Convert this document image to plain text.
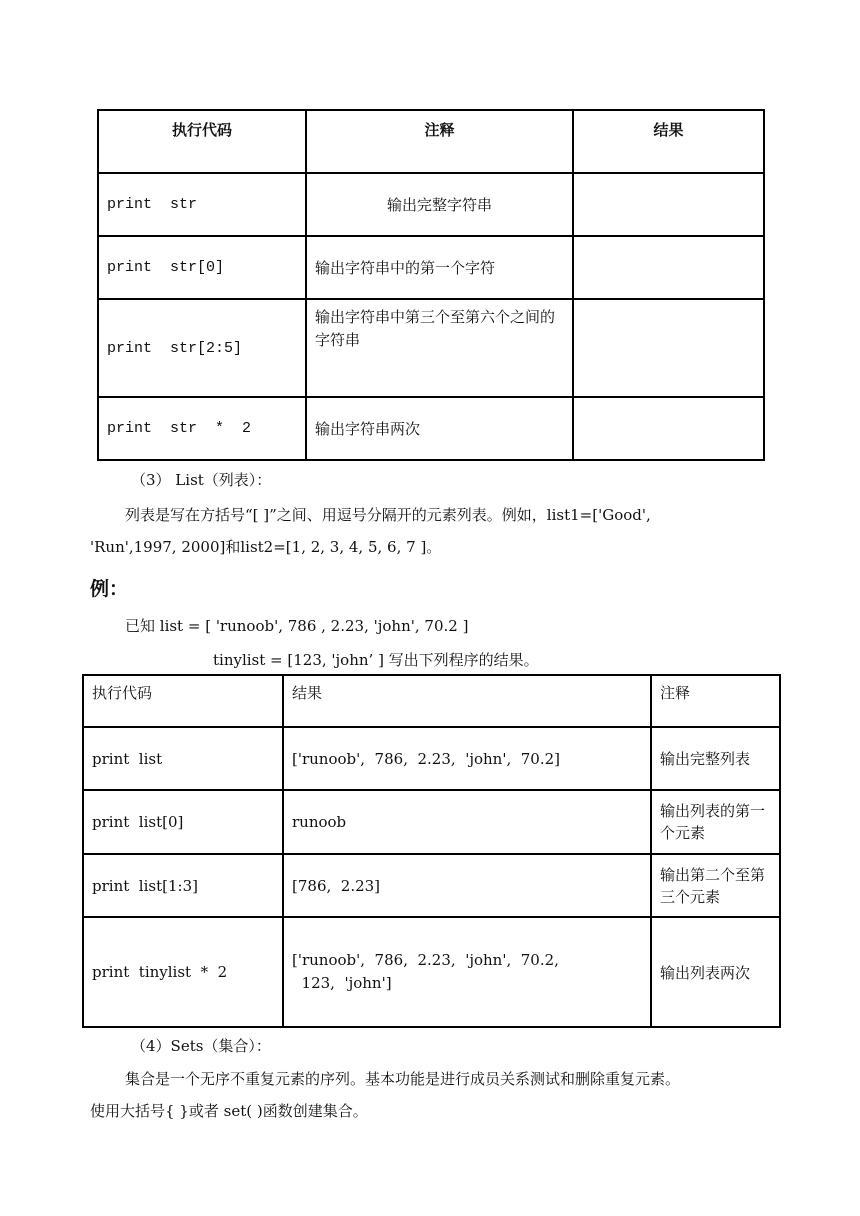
执行代码	注释	结果
print  str	输出完整字符串	
print  str[0]	输出字符串中的第一个字符	
print  str[2:5]	输出字符串中第三个至第六个之间的字符串	
print  str  *  2	输出字符串两次	
（3） List（列表）：
列表是写在方括号“[ ]”之间、用逗号分隔开的元素列表。例如，list1=['Good',
'Run',1997, 2000]和list2=[1, 2, 3, 4, 5, 6, 7 ]。
例：
已知 list = [ 'runoob', 786 , 2.23, 'john', 70.2 ]
tinylist = [123, 'john’ ] 写出下列程序的结果。
执行代码	结果	注释
print  list	['runoob',  786,  2.23,  'john',  70.2]	输出完整列表
print  list[0]	runoob	输出列表的第一个元素
print  list[1:3]	[786,  2.23]	输出第二个至第三个元素
print  tinylist  *  2	['runoob',  786,  2.23,  'john',  70.2,
123,  'john']	输出列表两次
（4）Sets（集合）：
集合是一个无序不重复元素的序列。基本功能是进行成员关系测试和删除重复元素。
使用大括号{ }或者 set( )函数创建集合。
